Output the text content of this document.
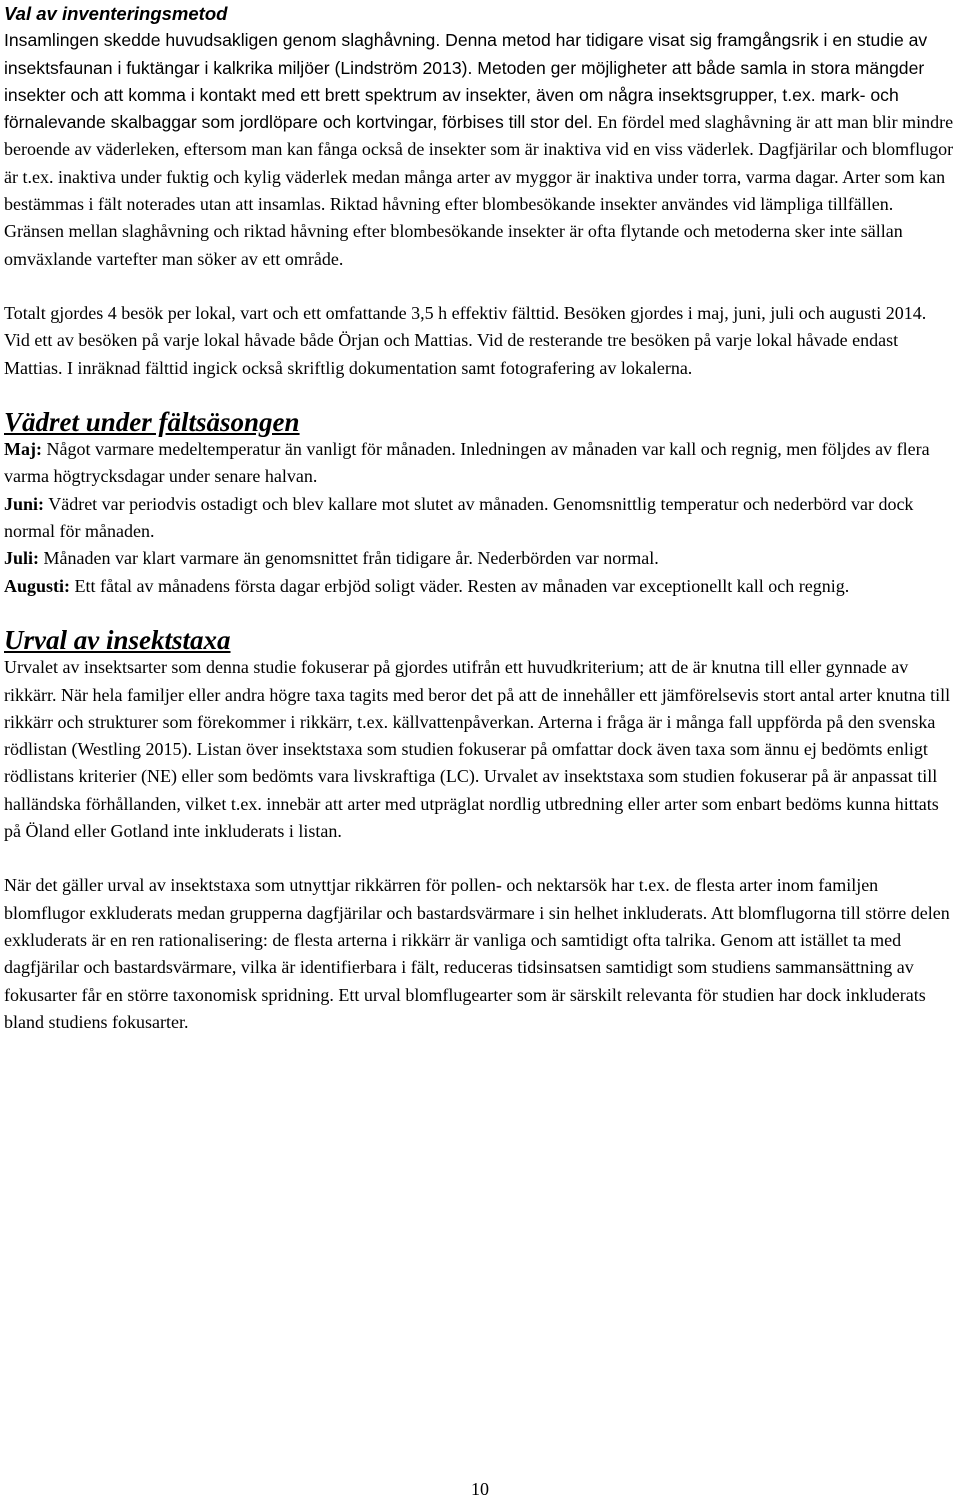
Val av inventeringsmetod

Insamlingen skedde huvudsakligen genom slaghåvning. Denna metod har tidigare visat sig framgångsrik i en studie av insektsfaunan i fuktängar i kalkrika miljöer (Lindström 2013). Metoden ger möjligheter att både samla in stora mängder insekter och att komma i kontakt med ett brett spektrum av insekter, även om några insektsgrupper, t.ex. mark- och förnalevande skalbaggar som jordlöpare och kortvingar, förbises till stor del. En fördel med slaghåvning är att man blir mindre beroende av väderleken, eftersom man kan fånga också de insekter som är inaktiva vid en viss väderlek. Dagfjärilar och blomflugor är t.ex. inaktiva under fuktig och kylig väderlek medan många arter av myggor är inaktiva under torra, varma dagar. Arter som kan bestämmas i fält noterades utan att insamlas. Riktad håvning efter blombesökande insekter användes vid lämpliga tillfällen. Gränsen mellan slaghåvning och riktad håvning efter blombesökande insekter är ofta flytande och metoderna sker inte sällan omväxlande vartefter man söker av ett område.

Totalt gjordes 4 besök per lokal, vart och ett omfattande 3,5 h effektiv fälttid. Besöken gjordes i maj, juni, juli och augusti 2014. Vid ett av besöken på varje lokal håvade både Örjan och Mattias. Vid de resterande tre besöken på varje lokal håvade endast Mattias. I inräknad fälttid ingick också skriftlig dokumentation samt fotografering av lokalerna.

Vädret under fältsäsongen

Maj: Något varmare medeltemperatur än vanligt för månaden. Inledningen av månaden var kall och regnig, men följdes av flera varma högtrycksdagar under senare halvan.

Juni: Vädret var periodvis ostadigt och blev kallare mot slutet av månaden. Genomsnittlig temperatur och nederbörd var dock normal för månaden.

Juli: Månaden var klart varmare än genomsnittet från tidigare år. Nederbörden var normal.

Augusti: Ett fåtal av månadens första dagar erbjöd soligt väder. Resten av månaden var exceptionellt kall och regnig.

Urval av insektstaxa

Urvalet av insektsarter som denna studie fokuserar på gjordes utifrån ett huvudkriterium; att de är knutna till eller gynnade av rikkärr. När hela familjer eller andra högre taxa tagits med beror det på att de innehåller ett jämförelsevis stort antal arter knutna till rikkärr och strukturer som förekommer i rikkärr, t.ex. källvattenpåverkan. Arterna i fråga är i många fall uppförda på den svenska rödlistan (Westling 2015). Listan över insektstaxa som studien fokuserar på omfattar dock även taxa som ännu ej bedömts enligt rödlistans kriterier (NE) eller som bedömts vara livskraftiga (LC). Urvalet av insektstaxa som studien fokuserar på är anpassat till halländska förhållanden, vilket t.ex. innebär att arter med utpräglat nordlig utbredning eller arter som enbart bedöms kunna hittats på Öland eller Gotland inte inkluderats i listan.

När det gäller urval av insektstaxa som utnyttjar rikkärren för pollen- och nektarsök har t.ex. de flesta arter inom familjen blomflugor exkluderats medan grupperna dagfjärilar och bastardsvärmare i sin helhet inkluderats. Att blomflugorna till större delen exkluderats är en ren rationalisering: de flesta arterna i rikkärr är vanliga och samtidigt ofta talrika. Genom att istället ta med dagfjärilar och bastardsvärmare, vilka är identifierbara i fält, reduceras tidsinsatsen samtidigt som studiens sammansättning av fokusarter får en större taxonomisk spridning. Ett urval blomflugearter som är särskilt relevanta för studien har dock inkluderats bland studiens fokusarter.

10
